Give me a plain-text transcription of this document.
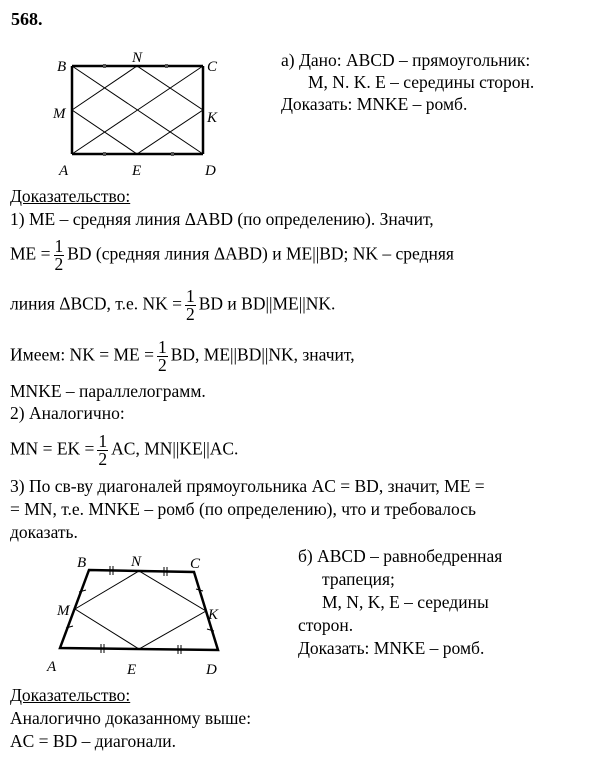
568.
B
N
C
M	K
A	E	D
а) Дано: ABCD – прямоугольник:
M, N. K. E – середины сторон.
Доказать: MNKE – ромб.
Доказательство:
1) ME – средняя линия ΔABD (по определению). Значит,
ME = $\frac{1}{2}$ BD (средняя линия ΔABD) и ME||BD; NK – средняя
линия ΔBCD, т.е. NK = $\frac{1}{2}$ BD и BD||ME||NK.
Имеем: NK = ME = $\frac{1}{2}$ BD, ME||BD||NK, значит,
MNKE – параллелограмм.
2) Аналогично:
MN = EK = $\frac{1}{2}$ AC, MN||KE||AC.
3) По св-ву диагоналей прямоугольника AC = BD, значит, ME =
= MN, т.е. MNKE – ромб (по определению), что и требовалось
доказать.
B	N	C
M	K
A	E	D
б) ABCD – равнобедренная
трапеция;
M, N, K, E – середины
сторон.
Доказать: MNKE – ромб.
Доказательство:
Аналогично доказанному выше:
AC = BD – диагонали.
